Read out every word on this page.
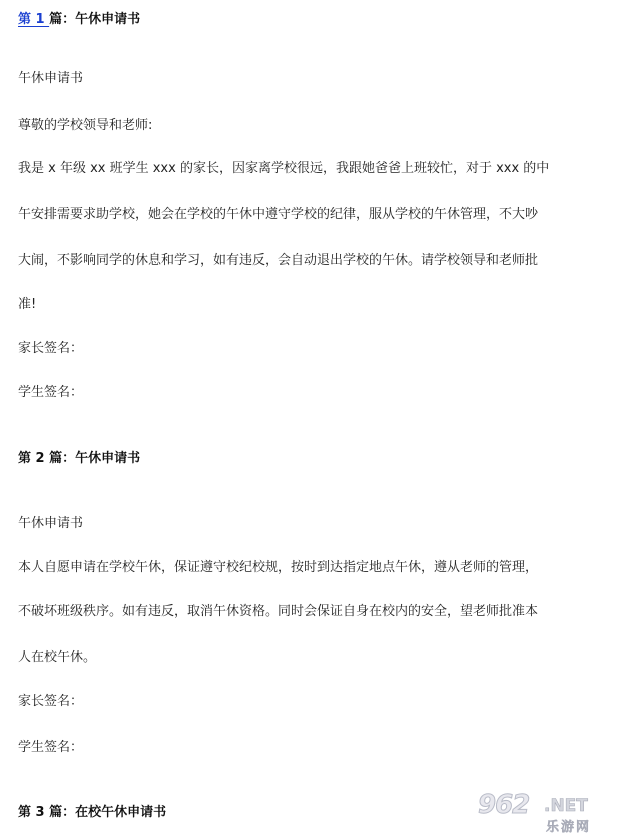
第 1 篇：午休申请书
午休申请书
尊敬的学校领导和老师:
我是 x 年级 xx 班学生 xxx 的家长，因家离学校很远，我跟她爸爸上班较忙，对于 xxx 的中
午安排需要求助学校，她会在学校的午休中遵守学校的纪律，服从学校的午休管理，不大吵
大闹，不影响同学的休息和学习，如有违反，会自动退出学校的午休。请学校领导和老师批
准!
家长签名：
学生签名：
第 2 篇：午休申请书
午休申请书
本人自愿申请在学校午休，保证遵守校纪校规，按时到达指定地点午休，遵从老师的管理，
不破坏班级秩序。如有违反，取消午休资格。同时会保证自身在校内的安全，望老师批准本
人在校午休。
家长签名：
学生签名：
第 3 篇：在校午休申请书	962 .NET
乐游网
